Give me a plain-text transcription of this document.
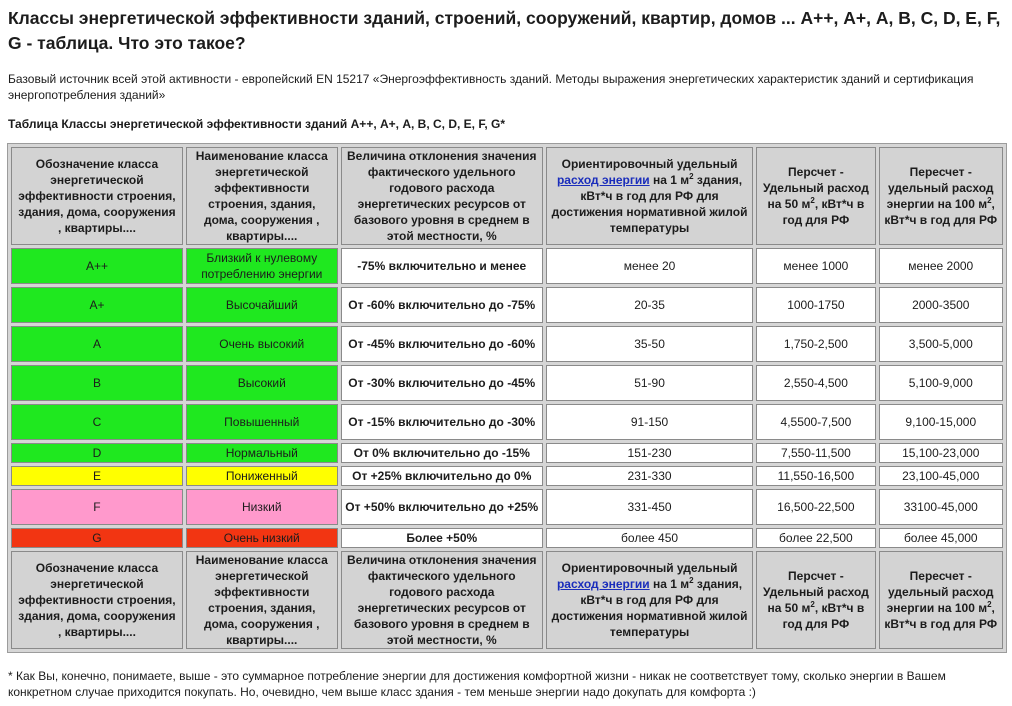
Классы энергетической эффективности зданий, строений, сооружений, квартир, домов ... А++, А+, А, В, С, D, E, F, G - таблица. Что это такое?

Базовый источник всей этой активности - европейский EN 15217 «Энергоэффективность зданий. Методы выражения энергетических характеристик зданий и сертификация энергопотребления зданий»

Таблица Классы энергетической эффективности зданий А++, А+, A, B, C, D, E, F, G*

Обозначение класса энергетической эффективности строения, здания, дома, сооружения , квартиры....	Наименование класса энергетической эффективности строения, здания, дома, сооружения , квартиры....	Величина отклонения значения фактического удельного годового расхода энергетических ресурсов от базового уровня в среднем в этой местности, %	Ориентировочный удельный расход энергии на 1 $м^2$ здания, кВт*ч в год для РФ для достижения нормативной жилой температуры	Персчет - Удельный расход на 50 $м^2$, кВт*ч в год для РФ	Пересчет - удельный расход энергии на 100 $м^2$, кВт*ч в год для РФ
А++	Близкий к нулевому потреблению энергии	-75% включительно и менее	менее 20	менее 1000	менее 2000
А+	Высочайший	От -60% включительно до -75%	20-35	1000-1750	2000-3500
А	Очень высокий	От -45% включительно до -60%	35-50	1,750-2,500	3,500-5,000
B	Высокий	От -30% включительно до -45%	51-90	2,550-4,500	5,100-9,000
C	Повышенный	От -15% включительно до -30%	91-150	4,5500-7,500	9,100-15,000
D	Нормальный	От 0% включительно до -15%	151-230	7,550-11,500	15,100-23,000
E	Пониженный	От +25% включительно до 0%	231-330	11,550-16,500	23,100-45,000
F	Низкий	От +50% включительно до +25%	331-450	16,500-22,500	33100-45,000
G	Очень низкий	Более +50%	более 450	более 22,500	более 45,000
Обозначение класса энергетической эффективности строения, здания, дома, сооружения , квартиры....	Наименование класса энергетической эффективности строения, здания, дома, сооружения , квартиры....	Величина отклонения значения фактического удельного годового расхода энергетических ресурсов от базового уровня в среднем в этой местности, %	Ориентировочный удельный расход энергии на 1 $м^2$ здания, кВт*ч в год для РФ для достижения нормативной жилой температуры	Персчет - Удельный расход на 50 $м^2$, кВт*ч в год для РФ	Пересчет - удельный расход энергии на 100 $м^2$, кВт*ч в год для РФ

* Как Вы, конечно, понимаете, выше - это суммарное потребление энергии для достижения комфортной жизни - никак не соответствует тому, сколько энергии в Вашем конкретном случае приходится покупать. Но, очевидно, чем выше класс здания - тем меньше энергии надо докупать для комфорта :)
